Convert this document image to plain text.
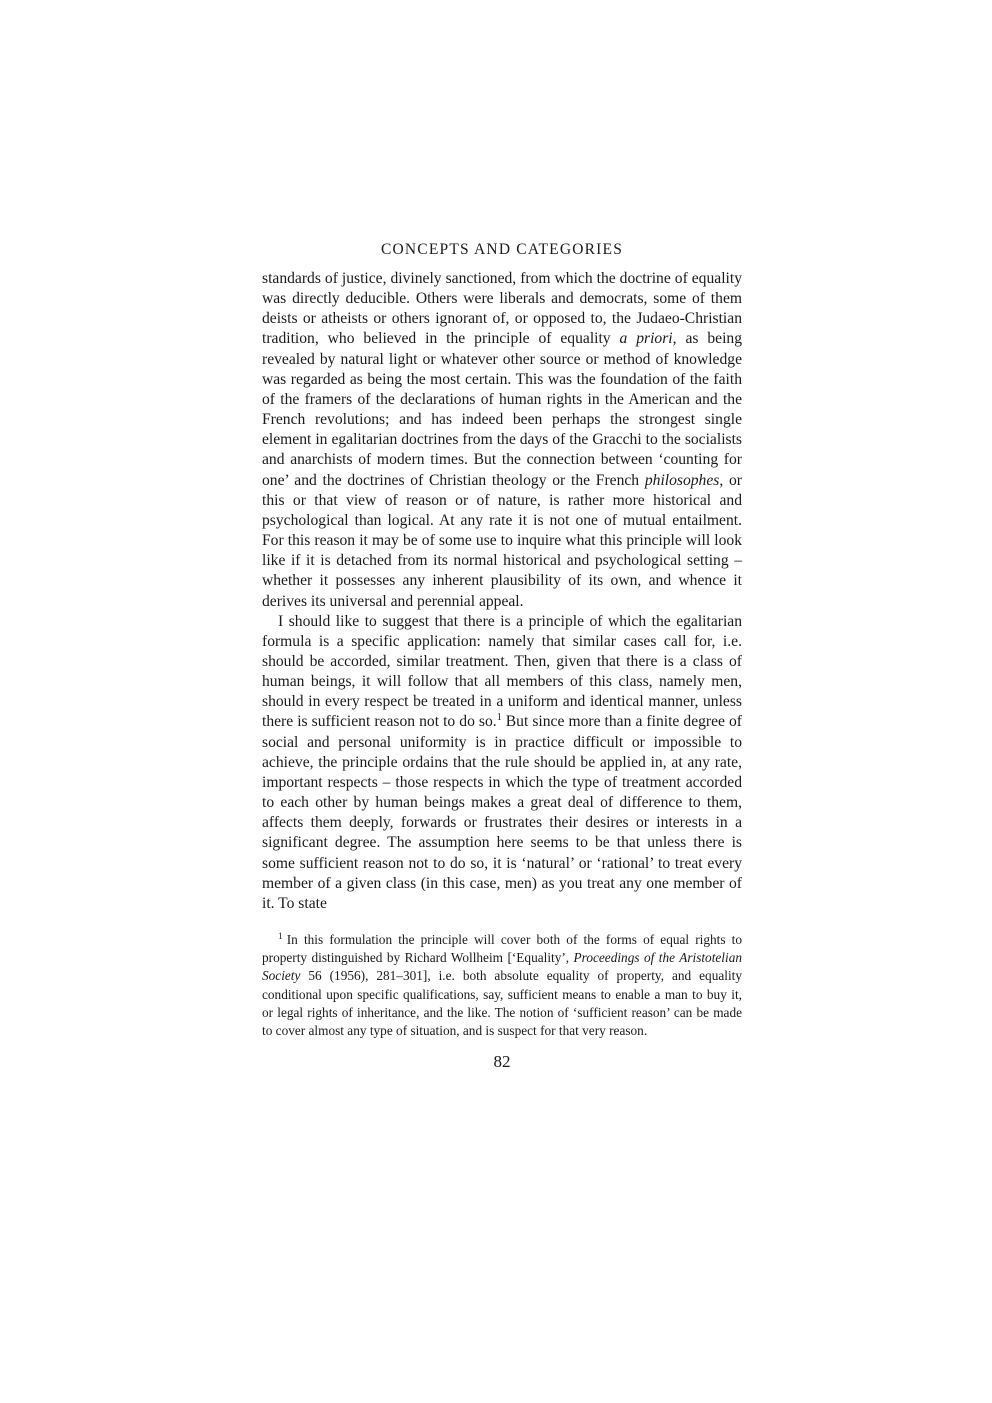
CONCEPTS AND CATEGORIES

standards of justice, divinely sanctioned, from which the doctrine of equality was directly deducible. Others were liberals and democrats, some of them deists or atheists or others ignorant of, or opposed to, the Judaeo-Christian tradition, who believed in the principle of equality a priori, as being revealed by natural light or whatever other source or method of knowledge was regarded as being the most certain. This was the foundation of the faith of the framers of the declarations of human rights in the American and the French revolutions; and has indeed been perhaps the strongest single element in egalitarian doctrines from the days of the Gracchi to the socialists and anarchists of modern times. But the connection between ‘counting for one’ and the doctrines of Christian theology or the French philosophes, or this or that view of reason or of nature, is rather more historical and psychological than logical. At any rate it is not one of mutual entailment. For this reason it may be of some use to inquire what this principle will look like if it is detached from its normal historical and psychological setting – whether it possesses any inherent plausibility of its own, and whence it derives its universal and perennial appeal.

I should like to suggest that there is a principle of which the egalitarian formula is a specific application: namely that similar cases call for, i.e. should be accorded, similar treatment. Then, given that there is a class of human beings, it will follow that all members of this class, namely men, should in every respect be treated in a uniform and identical manner, unless there is sufficient reason not to do so.$^1$ But since more than a finite degree of social and personal uniformity is in practice difficult or impossible to achieve, the principle ordains that the rule should be applied in, at any rate, important respects – those respects in which the type of treatment accorded to each other by human beings makes a great deal of difference to them, affects them deeply, forwards or frustrates their desires or interests in a significant degree. The assumption here seems to be that unless there is some sufficient reason not to do so, it is ‘natural’ or ‘rational’ to treat every member of a given class (in this case, men) as you treat any one member of it. To state

$^1$ In this formulation the principle will cover both of the forms of equal rights to property distinguished by Richard Wollheim [‘Equality’, Proceedings of the Aristotelian Society 56 (1956), 281–301], i.e. both absolute equality of property, and equality conditional upon specific qualifications, say, sufficient means to enable a man to buy it, or legal rights of inheritance, and the like. The notion of ‘sufficient reason’ can be made to cover almost any type of situation, and is suspect for that very reason.
82
